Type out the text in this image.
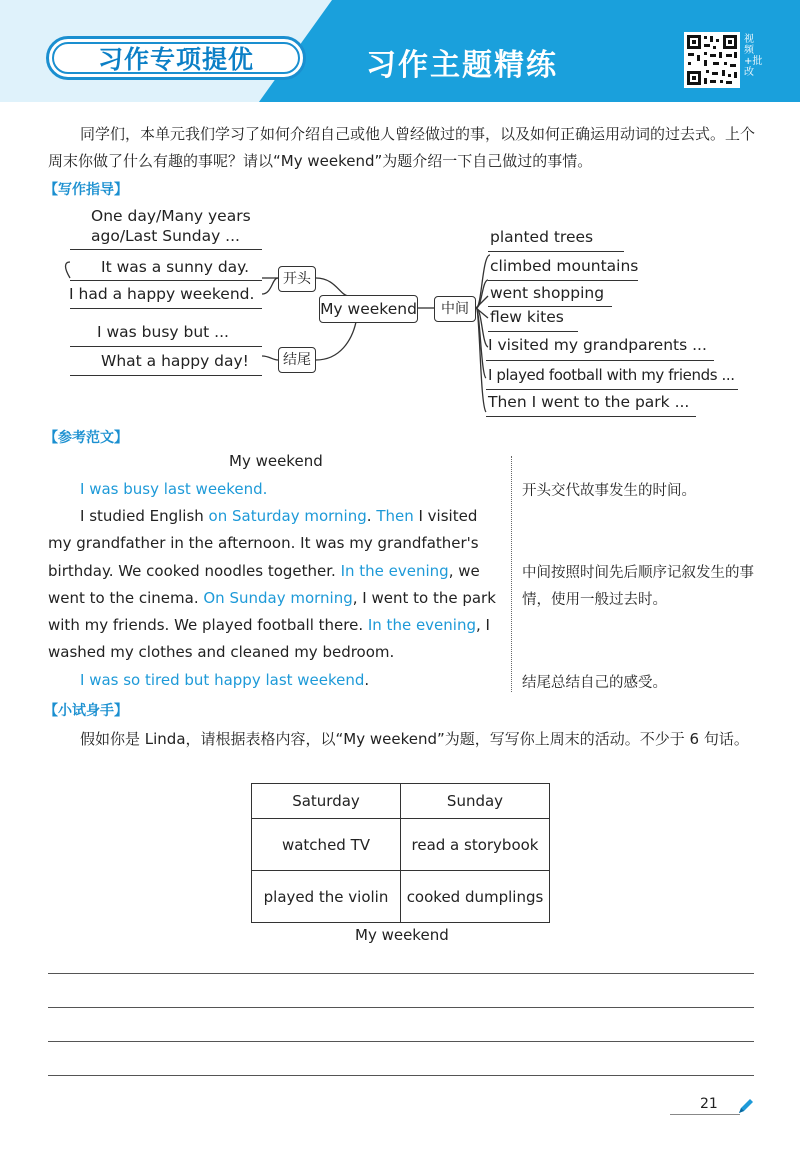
习作专项提优	习作主题精练
视频+批改
同学们，本单元我们学习了如何介绍自己或他人曾经做过的事，以及如何正确运用动词的过去式。上个周末你做了什么有趣的事呢？请以“My weekend”为题介绍一下自己做过的事情。
【写作指导】
One day/Many years
ago/Last Sunday ...
It was a sunny day.
I had a happy weekend.
I was busy but ...
What a happy day!
开头
结尾
My weekend	中间
planted trees
climbed mountains
went shopping
flew kites
I visited my grandparents ...
I played football with my friends ...
Then I went to the park ...
【参考范文】
My weekend
I was busy last weekend.
I studied English on Saturday morning. Then I visited my grandfather in the afternoon. It was my grandfather's birthday. We cooked noodles together. In the evening, we went to the cinema. On Sunday morning, I went to the park with my friends. We played football there. In the evening, I washed my clothes and cleaned my bedroom.
I was so tired but happy last weekend.
开头交代故事发生的时间。
中间按照时间先后顺序记叙发生的事情，使用一般过去时。
结尾总结自己的感受。
【小试身手】
假如你是 Linda，请根据表格内容，以“My weekend”为题，写写你上周末的活动。不少于 6 句话。
Saturday	Sunday
watched TV	read a storybook
played the violin	cooked dumplings
My weekend
21
